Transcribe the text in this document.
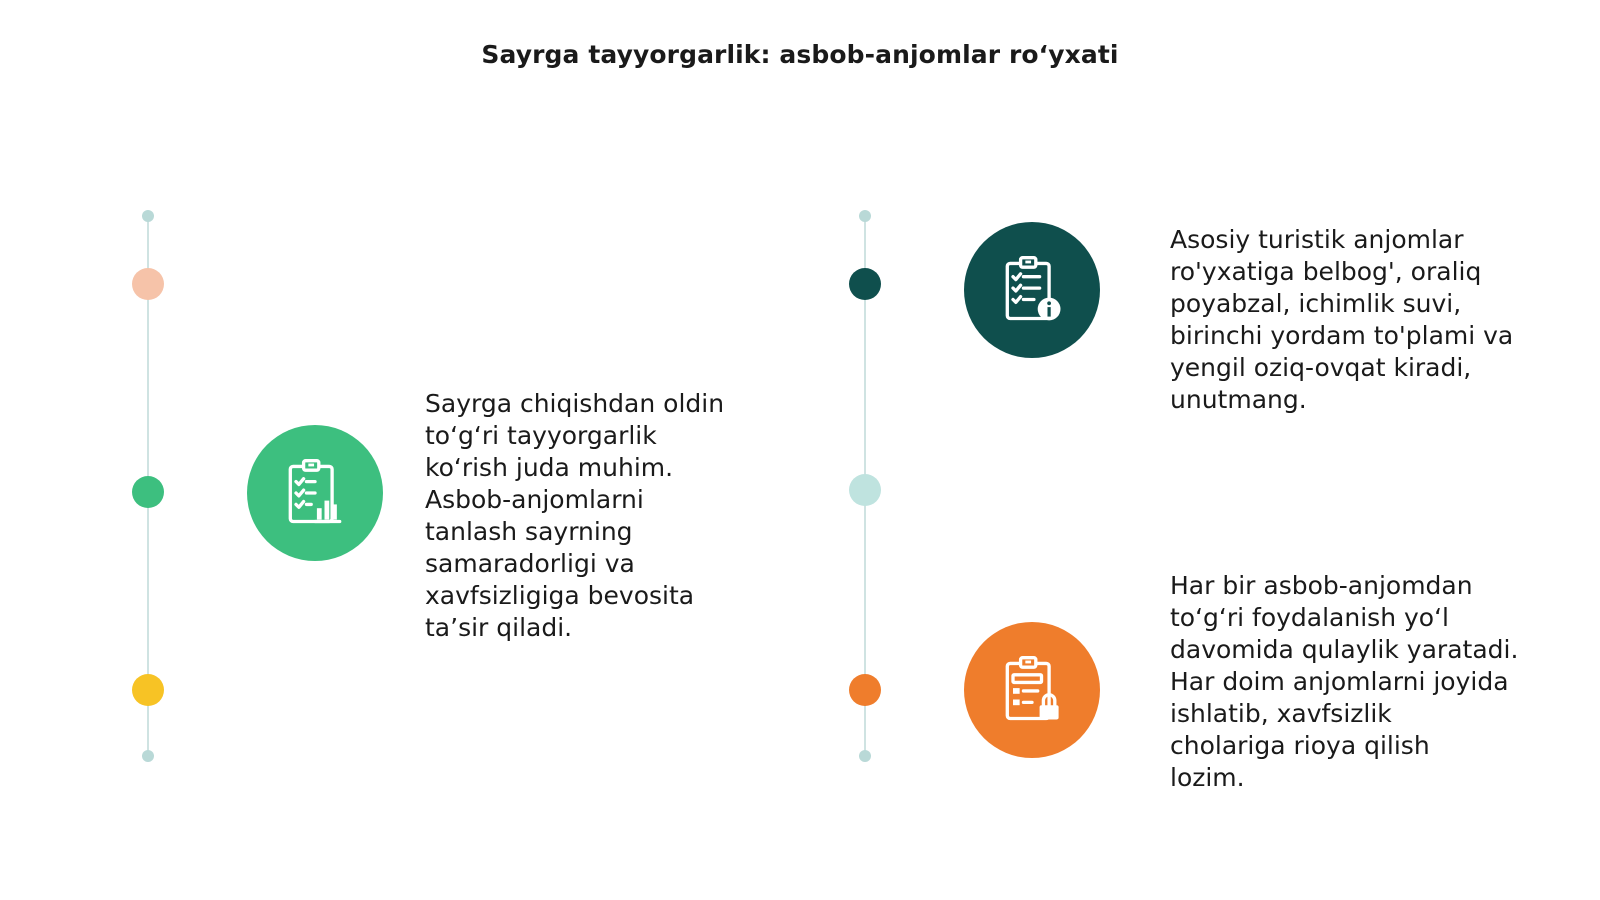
Sayrga tayyorgarlik: asbob-anjomlar ro‘yxati
Sayrga chiqishdan oldin
to‘g‘ri tayyorgarlik
ko‘rish juda muhim.
Asbob-anjomlarni
tanlash sayrning
samaradorligi va
xavfsizligiga bevosita
ta’sir qiladi.
Asosiy turistik anjomlar
ro'yxatiga belbog', oraliq
poyabzal, ichimlik suvi,
birinchi yordam to'plami va
yengil oziq-ovqat kiradi,
unutmang.
Har bir asbob-anjomdan
to‘g‘ri foydalanish yo‘l
davomida qulaylik yaratadi.
Har doim anjomlarni joyida
ishlatib, xavfsizlik
cholariga rioya qilish
lozim.
